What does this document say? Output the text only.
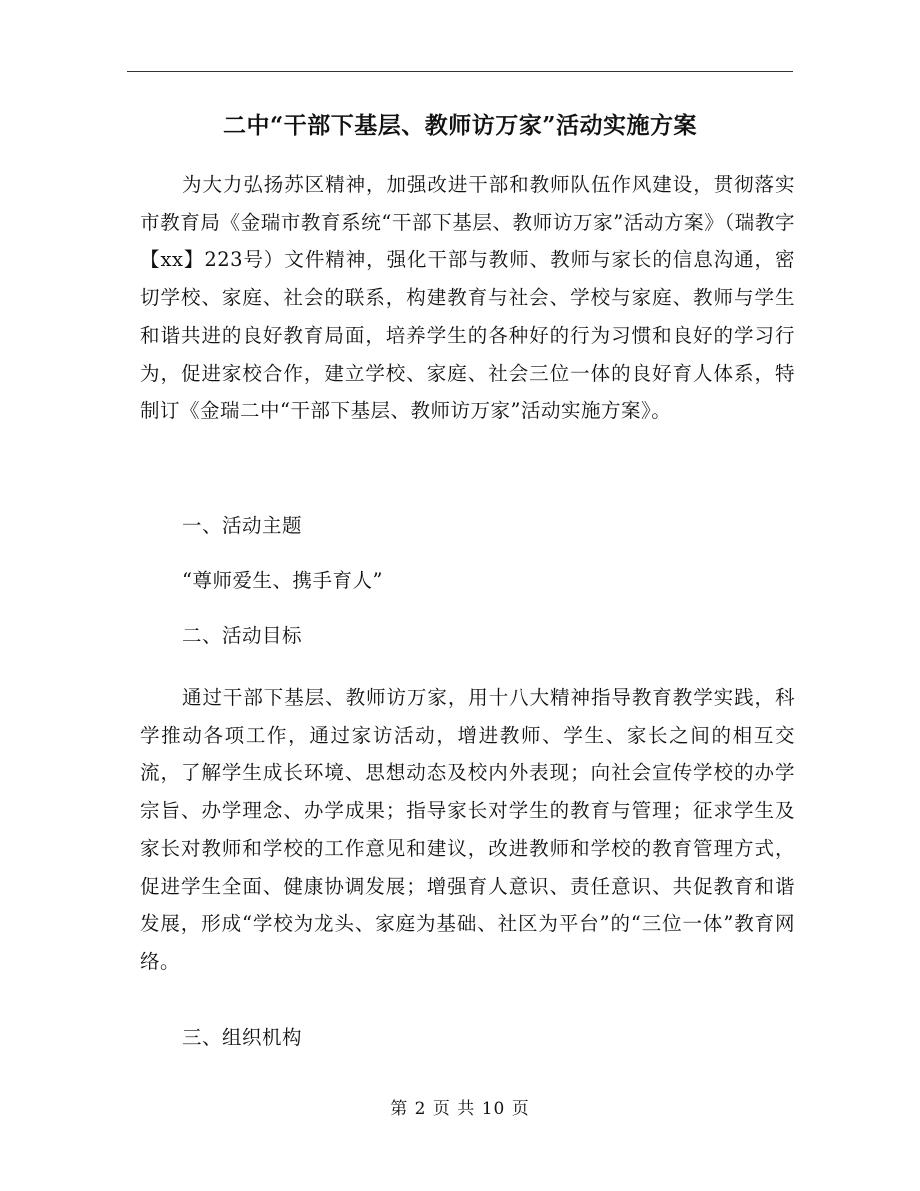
二中“干部下基层、教师访万家”活动实施方案
为大力弘扬苏区精神，加强改进干部和教师队伍作风建设，贯彻落实市教育局《金瑞市教育系统“干部下基层、教师访万家”活动方案》（瑞教字【xx】223号）文件精神，强化干部与教师、教师与家长的信息沟通，密切学校、家庭、社会的联系，构建教育与社会、学校与家庭、教师与学生和谐共进的良好教育局面，培养学生的各种好的行为习惯和良好的学习行为，促进家校合作，建立学校、家庭、社会三位一体的良好育人体系，特制订《金瑞二中“干部下基层、教师访万家”活动实施方案》。
一、活动主题
“尊师爱生、携手育人”
二、活动目标
通过干部下基层、教师访万家，用十八大精神指导教育教学实践，科学推动各项工作，通过家访活动，增进教师、学生、家长之间的相互交流，了解学生成长环境、思想动态及校内外表现；向社会宣传学校的办学宗旨、办学理念、办学成果；指导家长对学生的教育与管理；征求学生及家长对教师和学校的工作意见和建议，改进教师和学校的教育管理方式，促进学生全面、健康协调发展；增强育人意识、责任意识、共促教育和谐发展，形成“学校为龙头、家庭为基础、社区为平台”的“三位一体”教育网络。
三、组织机构
第 2 页 共 10 页
